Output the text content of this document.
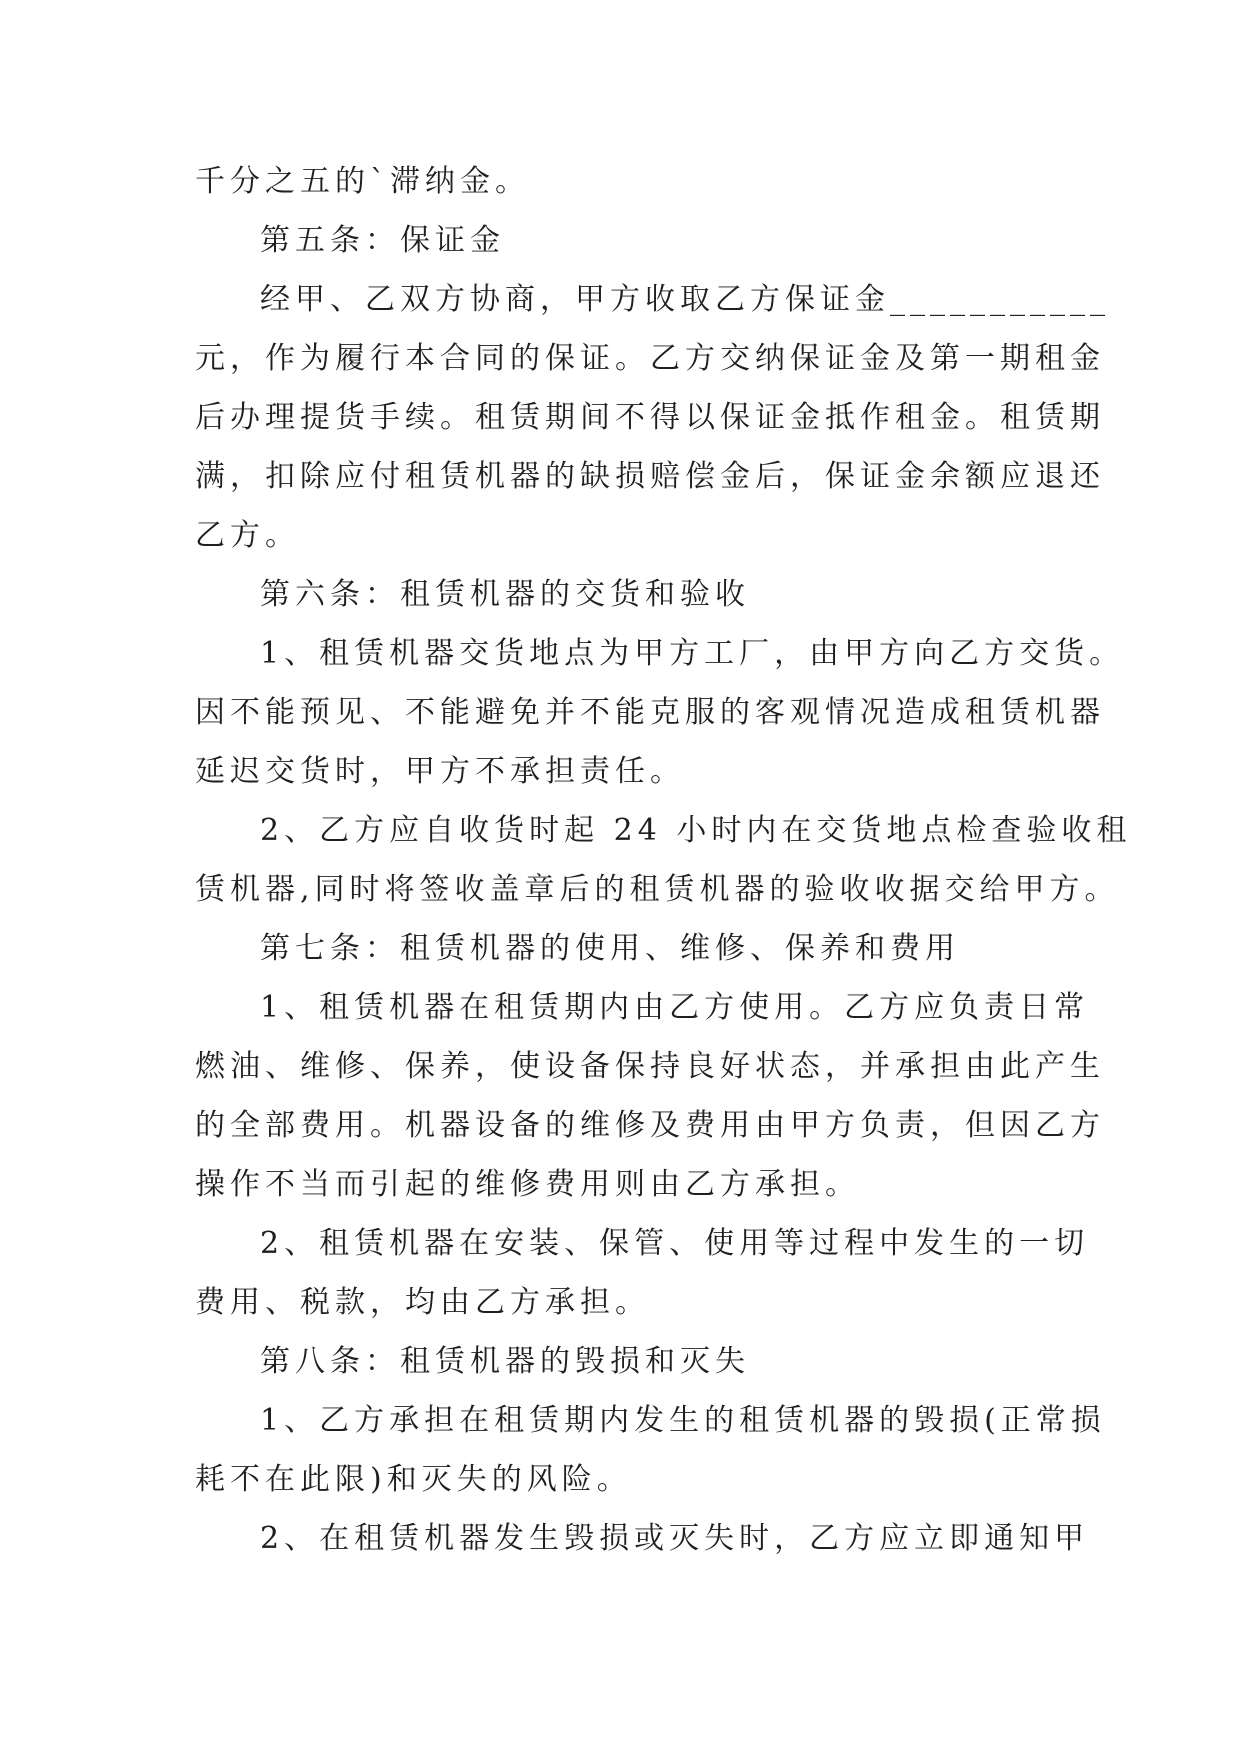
千分之五的`滞纳金。
第五条：保证金
经甲、乙双方协商，甲方收取乙方保证金___________
元，作为履行本合同的保证。乙方交纳保证金及第一期租金
后办理提货手续。租赁期间不得以保证金抵作租金。租赁期
满，扣除应付租赁机器的缺损赔偿金后，保证金余额应退还
乙方。
第六条：租赁机器的交货和验收
1、租赁机器交货地点为甲方工厂，由甲方向乙方交货。
因不能预见、不能避免并不能克服的客观情况造成租赁机器
延迟交货时，甲方不承担责任。
2、乙方应自收货时起 24 小时内在交货地点检查验收租
赁机器,同时将签收盖章后的租赁机器的验收收据交给甲方。
第七条：租赁机器的使用、维修、保养和费用
1、租赁机器在租赁期内由乙方使用。乙方应负责日常
燃油、维修、保养，使设备保持良好状态，并承担由此产生
的全部费用。机器设备的维修及费用由甲方负责，但因乙方
操作不当而引起的维修费用则由乙方承担。
2、租赁机器在安装、保管、使用等过程中发生的一切
费用、税款，均由乙方承担。
第八条：租赁机器的毁损和灭失
1、乙方承担在租赁期内发生的租赁机器的毁损(正常损
耗不在此限)和灭失的风险。
2、在租赁机器发生毁损或灭失时，乙方应立即通知甲
